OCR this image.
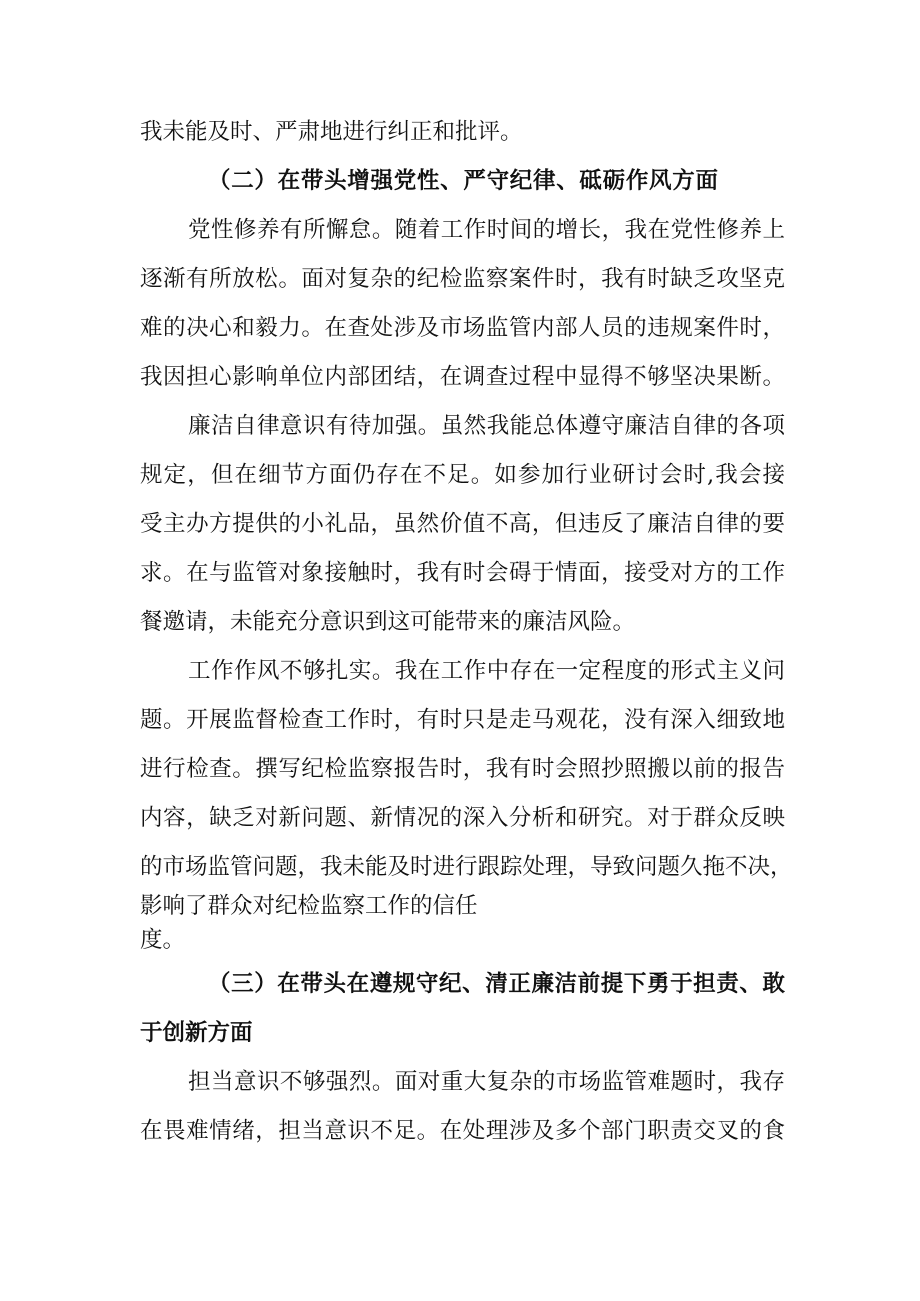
我未能及时、严肃地进行纠正和批评。
（二）在带头增强党性、严守纪律、砥砺作风方面
党性修养有所懈怠。随着工作时间的增长，我在党性修养上
逐渐有所放松。面对复杂的纪检监察案件时，我有时缺乏攻坚克
难的决心和毅力。在查处涉及市场监管内部人员的违规案件时，
我因担心影响单位内部团结，在调查过程中显得不够坚决果断。
廉洁自律意识有待加强。虽然我能总体遵守廉洁自律的各项
规定，但在细节方面仍存在不足。如参加行业研讨会时,我会接
受主办方提供的小礼品，虽然价值不高，但违反了廉洁自律的要
求。在与监管对象接触时，我有时会碍于情面，接受对方的工作
餐邀请，未能充分意识到这可能带来的廉洁风险。
工作作风不够扎实。我在工作中存在一定程度的形式主义问
题。开展监督检查工作时，有时只是走马观花，没有深入细致地
进行检查。撰写纪检监察报告时，我有时会照抄照搬以前的报告
内容，缺乏对新问题、新情况的深入分析和研究。对于群众反映
的市场监管问题，我未能及时进行跟踪处理，导致问题久拖不决，
影响了群众对纪检监察工作的信任
度。
（三）在带头在遵规守纪、清正廉洁前提下勇于担责、敢
于创新方面
担当意识不够强烈。面对重大复杂的市场监管难题时，我存
在畏难情绪，担当意识不足。在处理涉及多个部门职责交叉的食
